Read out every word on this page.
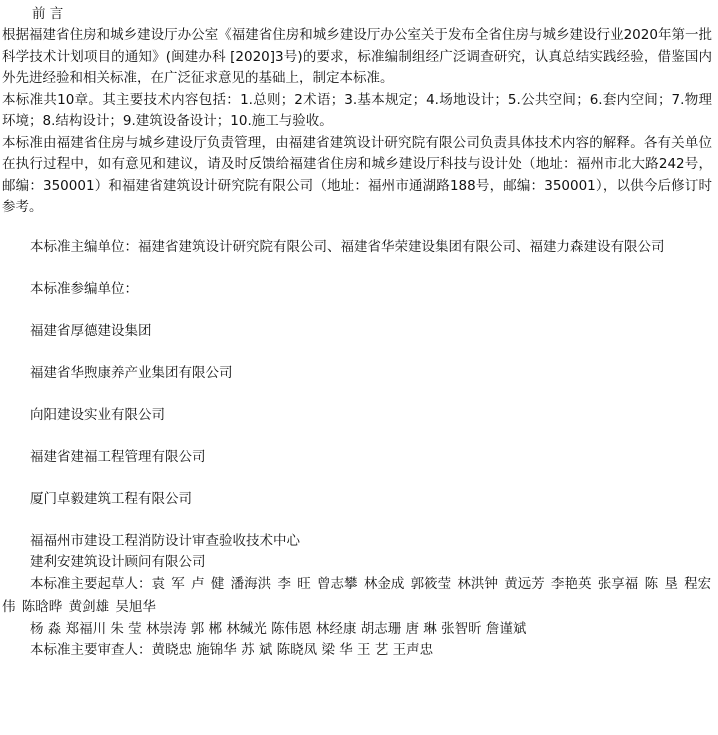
前 言

根据福建省住房和城乡建设厅办公室《福建省住房和城乡建设厅办公室关于发布全省住房与城乡建设行业2020年第一批科学技术计划项目的通知》(闽建办科 [2020]3号)的要求，标准编制组经广泛调查研究，认真总结实践经验，借鉴国内外先进经验和相关标准，在广泛征求意见的基础上，制定本标准。

本标准共10章。其主要技术内容包括：1.总则；2术语；3.基本规定；4.场地设计；5.公共空间；6.套内空间；7.物理环境；8.结构设计；9.建筑设备设计；10.施工与验收。

本标准由福建省住房与城乡建设厅负责管理，由福建省建筑设计研究院有限公司负责具体技术内容的解释。各有关单位在执行过程中，如有意见和建议，请及时反馈给福建省住房和城乡建设厅科技与设计处（地址：福州市北大路242号，邮编：350001）和福建省建筑设计研究院有限公司（地址：福州市通湖路188号，邮编：350001），以供今后修订时参考。

本标准主编单位：福建省建筑设计研究院有限公司、福建省华荣建设集团有限公司、福建力森建设有限公司

本标准参编单位：

福建省厚德建设集团

福建省华煦康养产业集团有限公司

向阳建设实业有限公司

福建省建福工程管理有限公司

厦门卓毅建筑工程有限公司

福福州市建设工程消防设计审查验收技术中心

建利安建筑设计顾问有限公司

本标准主要起草人：袁 军 卢 健 潘海洪 李 旺 曾志攀 林金成 郭筱莹 林洪钟 黄远芳 李艳英 张享福 陈 垦 程宏伟 陈晗晔 黄剑雄 吴旭华

杨 淼 郑福川 朱 莹 林崇涛 郭 郴 林缄光 陈伟恩 林经康 胡志珊 唐 琳 张智昕 詹谨斌

本标准主要审查人：黄晓忠 施锦华 苏 斌 陈晓凤 梁 华 王 艺 王声忠
